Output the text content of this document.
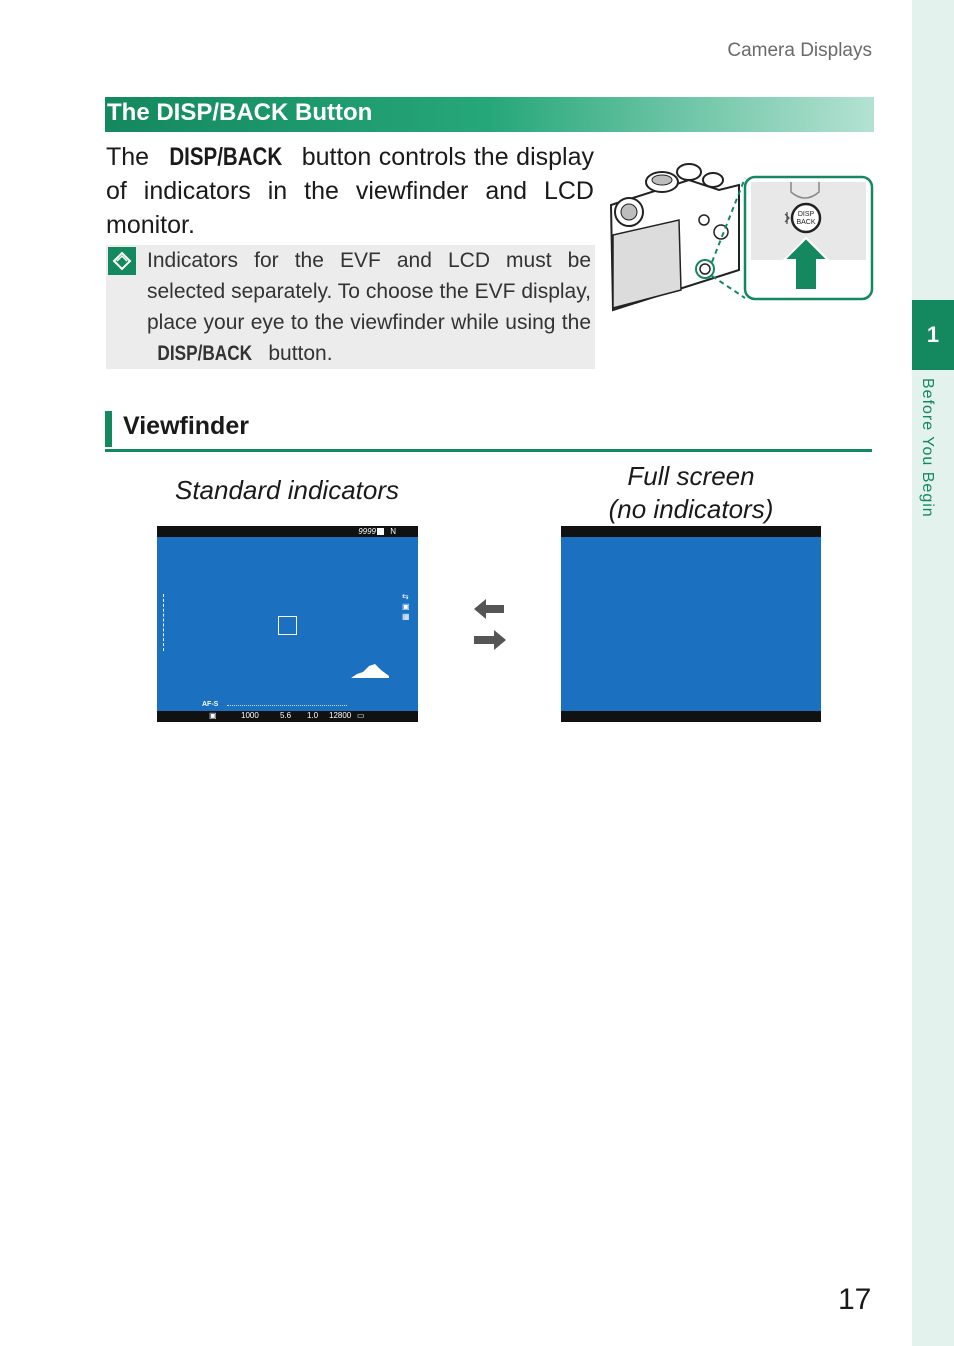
1
Before You Begin
Camera Displays
The DISP/BACK Button
The DISP/BACK button controls the display of indicators in the viewfinder and LCD monitor.
Indicators for the EVF and LCD must be selected separately. To choose the EVF display, place your eye to the viewfinder while using the DISP/BACK button.
DISP
BACK
Viewfinder
Standard indicators	Full screen
(no indicators)
9999 N
⇆
▣
▦
AF-S
▣	1000	5.6 1.0 12800 ▭
17
